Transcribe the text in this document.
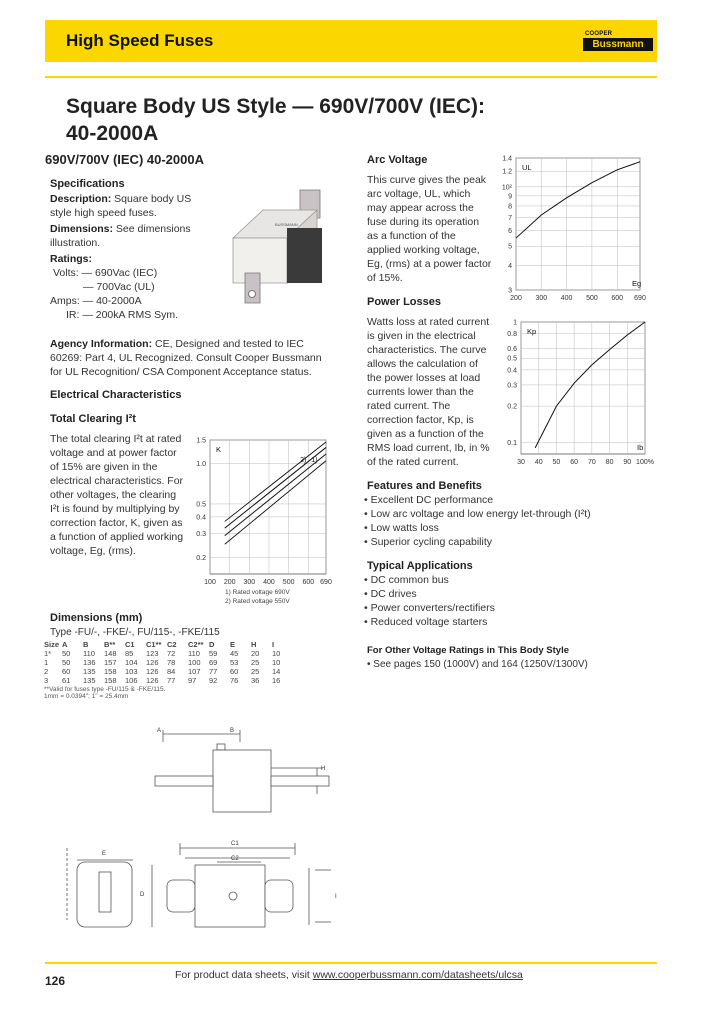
High Speed Fuses	COOPER
Bussmann
Square Body US Style — 690V/700V (IEC):
40-2000A
690V/700V (IEC) 40-2000A
Specifications
Description: Square body US
style high speed fuses.
Dimensions: See dimensions
illustration.
Ratings:
Volts: — 690Vac (IEC)
— 700Vac (UL)
Amps: — 40-2000A
IR: — 200kA RMS Sym.
Agency Information: CE, Designed and tested to IEC
60269: Part 4, UL Recognized. Consult Cooper Bussmann
for UL Recognition/ CSA Component Acceptance status.
BUSSMANN
Electrical Characteristics
Total Clearing I²t
The total clearing I²t at rated
voltage and at power factor
of 15% are given in the
electrical characteristics. For
other voltages, the clearing
I²t is found by multiplying by
correction factor, K, given as
a function of applied working
voltage, Eg, (rms).
100 200 300 400 500 600 690
0.2
0.3
0.4
0.5
1.0
1.5
K
2) 1)
1) Rated voltage 690V
2) Rated voltage 550V
Dimensions (mm)
Type -FU/-, -FKE/-, FU/115-, -FKE/115
Size	A	B	B**	C1	C1**	C2	C2**	D	E	H	I
1*	50	110	148	85	123	72	110	59	45	20	10
1	50	136	157	104	126	78	100	69	53	25	10
2	60	135	158	103	126	84	107	77	60	25	14
3	61	135	158	106	126	77	97	92	76	36	16
**Valid for fuses type -FU/115 & -FKE/115.
1mm = 0.0394"; 1" = 25.4mm
A	B
C1
C2
D
E
H
I
Arc Voltage
This curve gives the peak
arc voltage, UL, which
may appear across the
fuse during its operation
as a function of the
applied working voltage,
Eg, (rms) at a power factor
of 15%.
200 300 400 500 600 690
3
4
5
6
7
8
9
10²
1.2
1.4
UL
Eg
Power Losses
Watts loss at rated current
is given in the electrical
characteristics. The curve
allows the calculation of
the power losses at load
currents lower than the
rated current. The
correction factor, Kp, is
given as a function of the
RMS load current, Ib, in %
of the rated current.	30 40 50 60 70 80 90 100%
0.1
0.2
0.3
0.4
0.5
0.6
0.8
1
Kp
Ib
Features and Benefits
• Excellent DC performance
• Low arc voltage and low energy let-through (I²t)
• Low watts loss
• Superior cycling capability
Typical Applications
• DC common bus
• DC drives
• Power converters/rectifiers
• Reduced voltage starters
For Other Voltage Ratings in This Body Style
• See pages 150 (1000V) and 164 (1250V/1300V)
126	For product data sheets, visit www.cooperbussmann.com/datasheets/ulcsa
